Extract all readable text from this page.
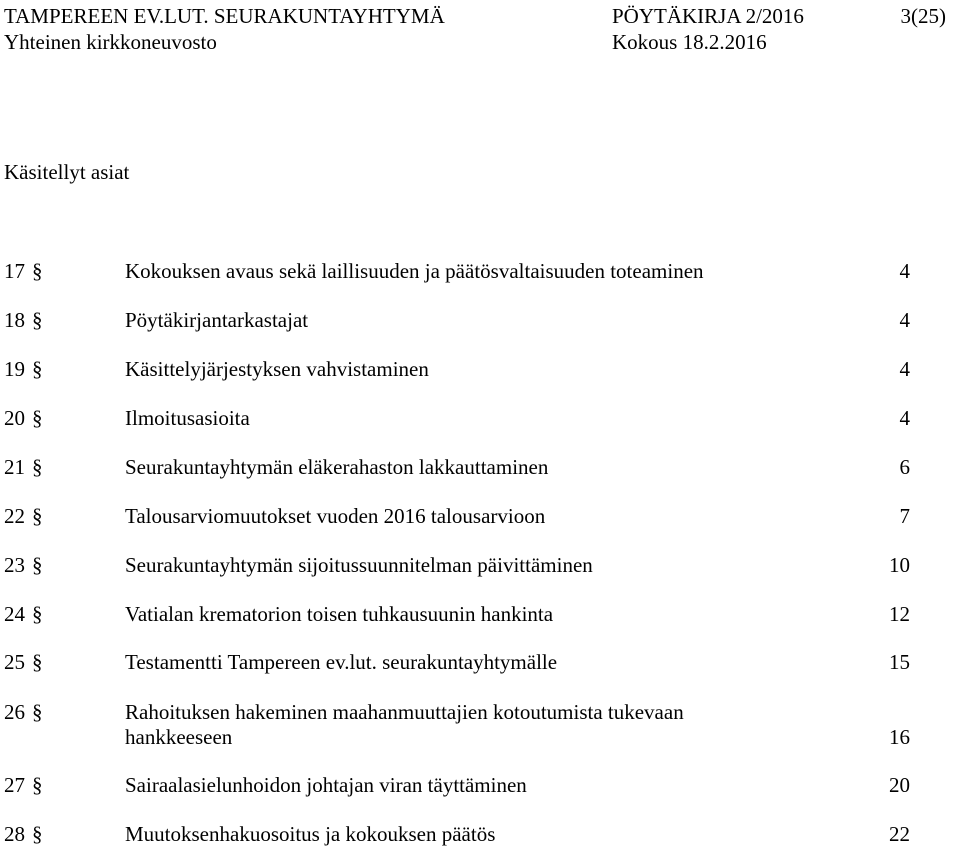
TAMPEREEN EV.LUT. SEURAKUNTAYHTYMÄ	PÖYTÄKIRJA 2/2016	3(25)
Yhteinen kirkkoneuvosto	Kokous 18.2.2016
Käsitellyt asiat
17 §	Kokouksen avaus sekä laillisuuden ja päätösvaltaisuuden toteaminen	4
18 §	Pöytäkirjantarkastajat	4
19 §	Käsittelyjärjestyksen vahvistaminen	4
20 §	Ilmoitusasioita	4
21 §	Seurakuntayhtymän eläkerahaston lakkauttaminen	6
22 §	Talousarviomuutokset vuoden 2016 talousarvioon	7
23 §	Seurakuntayhtymän sijoitussuunnitelman päivittäminen	10
24 §	Vatialan krematorion toisen tuhkausuunin hankinta	12
25 §	Testamentti Tampereen ev.lut. seurakuntayhtymälle	15
26 §	Rahoituksen hakeminen maahanmuuttajien kotoutumista tukevaan hankkeeseen	16
27 §	Sairaalasielunhoidon johtajan viran täyttäminen	20
28 §	Muutoksenhakuosoitus ja kokouksen päätös	22
